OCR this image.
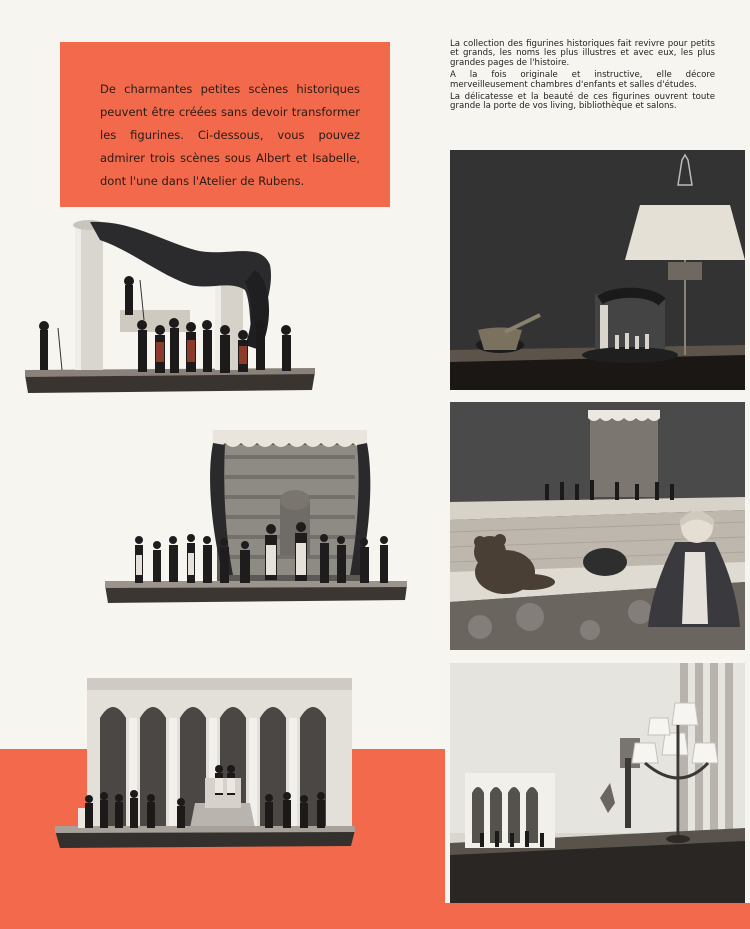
De charmantes petites scènes historiques peuvent être créées sans devoir transformer les figurines. Ci-dessous, vous pouvez admirer trois scènes sous Albert et Isabelle, dont l'une dans l'Atelier de Rubens.

La collection des figurines historiques fait revivre pour petits et grands, les noms les plus illustres et avec eux, les plus grandes pages de l'histoire.

A la fois originale et instructive, elle décore merveilleusement chambres d'enfants et salles d'études.

La délicatesse et la beauté de ces figurines ouvrent toute grande la porte de vos living, bibliothèque et salons.
